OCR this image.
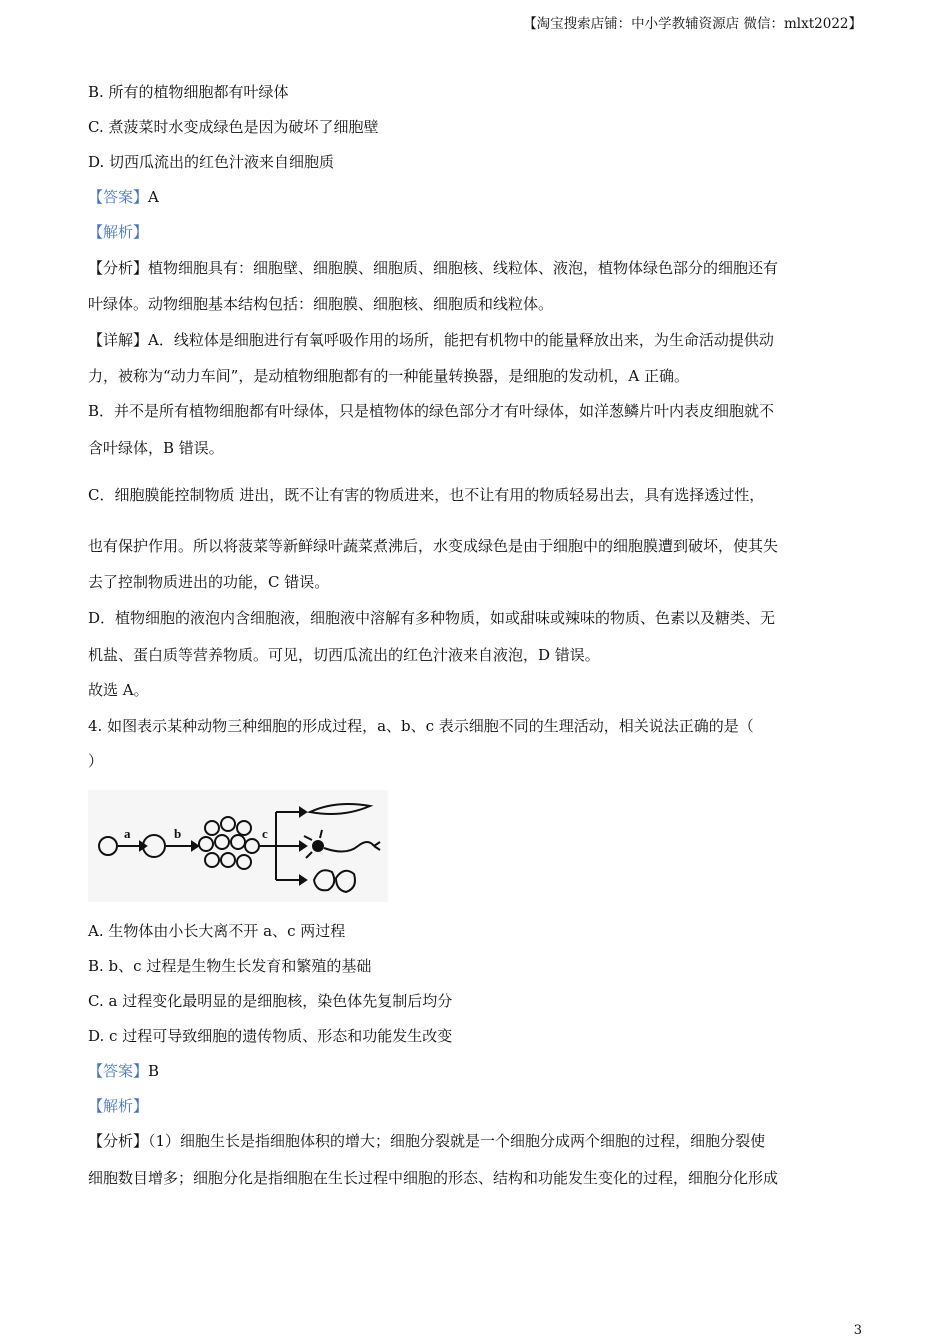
【淘宝搜索店铺：中小学教辅资源店 微信：mlxt2022】
B. 所有的植物细胞都有叶绿体
C. 煮菠菜时水变成绿色是因为破坏了细胞壁
D. 切西瓜流出的红色汁液来自细胞质
【答案】A
【解析】
【分析】植物细胞具有：细胞壁、细胞膜、细胞质、细胞核、线粒体、液泡，植物体绿色部分的细胞还有
叶绿体。动物细胞基本结构包括：细胞膜、细胞核、细胞质和线粒体。
【详解】A．线粒体是细胞进行有氧呼吸作用的场所，能把有机物中的能量释放出来，为生命活动提供动
力，被称为“动力车间”，是动植物细胞都有的一种能量转换器，是细胞的发动机，A 正确。
B．并不是所有植物细胞都有叶绿体，只是植物体的绿色部分才有叶绿体，如洋葱鳞片叶内表皮细胞就不
含叶绿体，B 错误。
C．细胞膜能控制物质 进出，既不让有害的物质进来，也不让有用的物质轻易出去，具有选择透过性，
也有保护作用。所以将菠菜等新鲜绿叶蔬菜煮沸后，水变成绿色是由于细胞中的细胞膜遭到破坏，使其失
去了控制物质进出的功能，C 错误。
D．植物细胞的液泡内含细胞液，细胞液中溶解有多种物质，如或甜味或辣味的物质、色素以及糖类、无
机盐、蛋白质等营养物质。可见，切西瓜流出的红色汁液来自液泡，D 错误。
故选 A。
4. 如图表示某种动物三种细胞的形成过程，a、b、c 表示细胞不同的生理活动，相关说法正确的是（
）
a	b	c
A. 生物体由小长大离不开 a、c 两过程
B. b、c 过程是生物生长发育和繁殖的基础
C. a 过程变化最明显的是细胞核，染色体先复制后均分
D. c 过程可导致细胞的遗传物质、形态和功能发生改变
【答案】B
【解析】
【分析】（1）细胞生长是指细胞体积的增大；细胞分裂就是一个细胞分成两个细胞的过程，细胞分裂使
细胞数目增多；细胞分化是指细胞在生长过程中细胞的形态、结构和功能发生变化的过程，细胞分化形成
3
